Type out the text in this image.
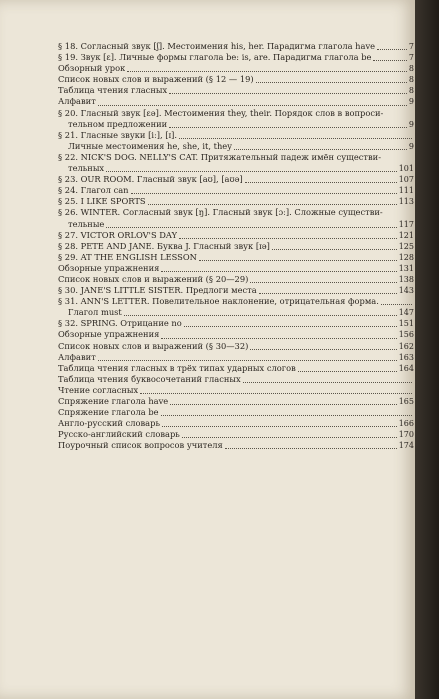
§ 18. Согласный звук [ʃ]. Местоимения his, her. Парадигма глагола have	7
§ 19. Звук [ɛ]. Личные формы глагола be: is, are. Парадигма глагола be	7
Обзорный урок	8
Список новых слов и выражений (§ 12 — 19)	8
Таблица чтения гласных	8
Алфавит	9
§ 20. Гласный звук [εə]. Местоимения they, their. Порядок слов в вопроси-
тельном предложении	9
§ 21. Гласные звуки [iː], [ɪ].
Личные местоимения he, she, it, they	9
§ 22. NICK'S DOG. NELLY'S CAT. Притяжательный падеж имён существи-
тельных	101
§ 23. OUR ROOM. Гласный звук [aʊ], [aʊə]	107
§ 24. Глагол can	111
§ 25. I LIKE SPORTS	113
§ 26. WINTER. Согласный звук [ŋ]. Гласный звук [ɔː]. Сложные существи-
тельные	117
§ 27. VICTOR ORLOV'S DAY	121
§ 28. PETE AND JANE. Буква J. Гласный звук [ɪə]	125
§ 29. AT THE ENGLISH LESSON	128
Обзорные упражнения	131
Список новых слов и выражений (§ 20—29)	138
§ 30. JANE'S LITTLE SISTER. Предлоги места	143
§ 31. ANN'S LETTER. Повелительное наклонение, отрицательная форма.
Глагол must	147
§ 32. SPRING. Отрицание no	151
Обзорные упражнения	156
Список новых слов и выражений (§ 30—32)	162
Алфавит	163
Таблица чтения гласных в трёх типах ударных слогов	164
Таблица чтения буквосочетаний гласных
Чтение согласных
Спряжение глагола have	165
Спряжение глагола be
Англо-русский словарь	166
Русско-английский словарь	170
Поурочный список вопросов учителя	174
